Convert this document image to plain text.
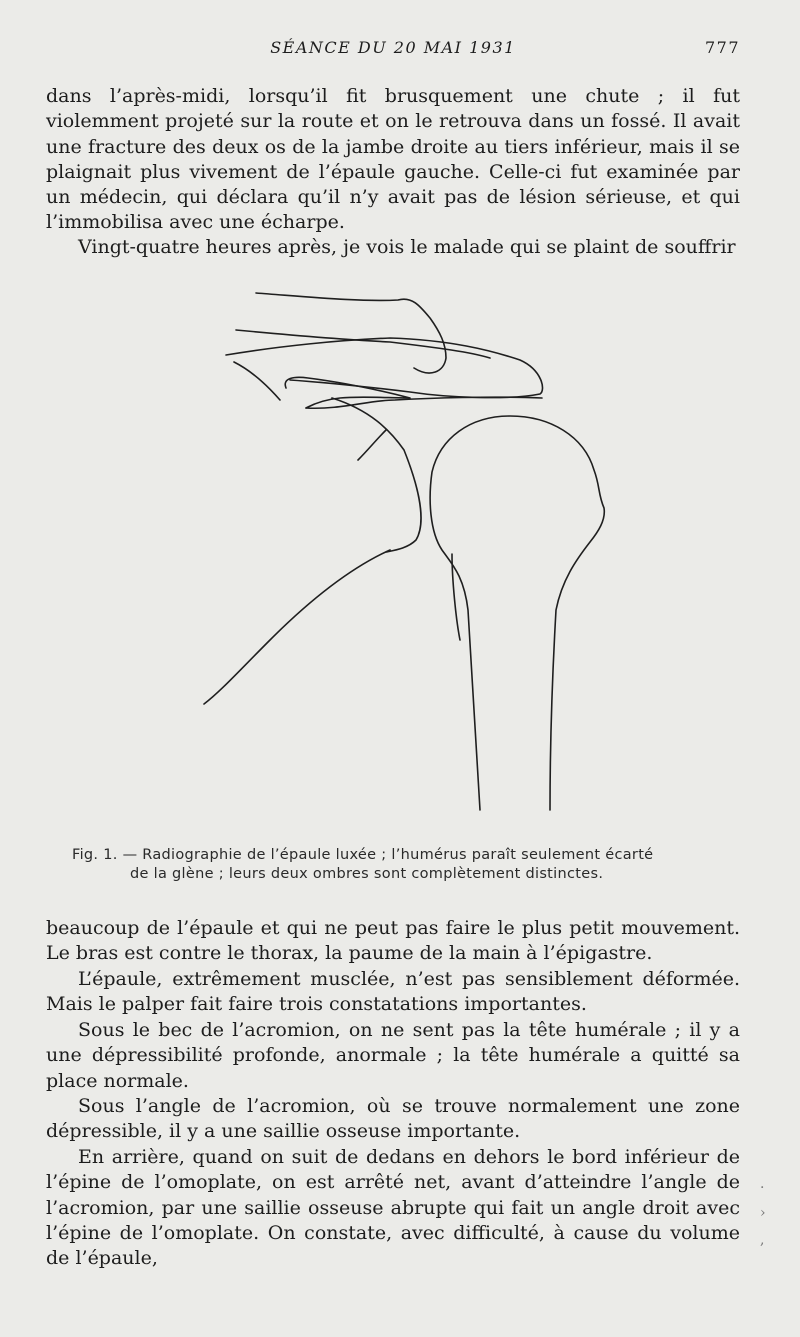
SÉANCE DU 20 MAI 1931	777

dans l’après-midi, lorsqu’il fit brusquement une chute ; il fut violemment projeté sur la route et on le retrouva dans un fossé. Il avait une fracture des deux os de la jambe droite au tiers inférieur, mais il se plaignait plus vivement de l’épaule gauche. Celle-ci fut examinée par un médecin, qui déclara qu’il n’y avait pas de lésion sérieuse, et qui l’immobilisa avec une écharpe.

Vingt-quatre heures après, je vois le malade qui se plaint de souffrir

Fig. 1. — Radiographie de l’épaule luxée ; l’humérus paraît seulement écarté
de la glène ; leurs deux ombres sont complètement distinctes.

beaucoup de l’épaule et qui ne peut pas faire le plus petit mouvement. Le bras est contre le thorax, la paume de la main à l’épigastre.

L’épaule, extrêmement musclée, n’est pas sensiblement déformée. Mais le palper fait faire trois constatations importantes.

Sous le bec de l’acromion, on ne sent pas la tête humérale ; il y a une dépressibilité profonde, anormale ; la tête humérale a quitté sa place normale.

Sous l’angle de l’acromion, où se trouve normalement une zone dépressible, il y a une saillie osseuse importante.

En arrière, quand on suit de dedans en dehors le bord inférieur de l’épine de l’omoplate, on est arrêté net, avant d’atteindre l’angle de l’acromion, par une saillie osseuse abrupte qui fait un angle droit avec l’épine de l’omoplate. On constate, avec difficulté, à cause du volume de l’épaule,

·
›
,
